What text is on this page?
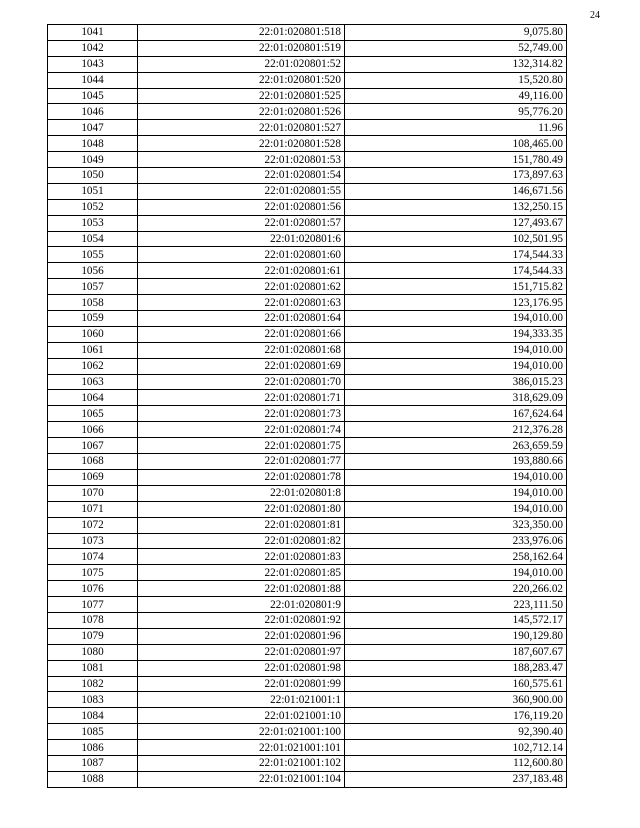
24
1041	22:01:020801:518	9,075.80
1042	22:01:020801:519	52,749.00
1043	22:01:020801:52	132,314.82
1044	22:01:020801:520	15,520.80
1045	22:01:020801:525	49,116.00
1046	22:01:020801:526	95,776.20
1047	22:01:020801:527	11.96
1048	22:01:020801:528	108,465.00
1049	22:01:020801:53	151,780.49
1050	22:01:020801:54	173,897.63
1051	22:01:020801:55	146,671.56
1052	22:01:020801:56	132,250.15
1053	22:01:020801:57	127,493.67
1054	22:01:020801:6	102,501.95
1055	22:01:020801:60	174,544.33
1056	22:01:020801:61	174,544.33
1057	22:01:020801:62	151,715.82
1058	22:01:020801:63	123,176.95
1059	22:01:020801:64	194,010.00
1060	22:01:020801:66	194,333.35
1061	22:01:020801:68	194,010.00
1062	22:01:020801:69	194,010.00
1063	22:01:020801:70	386,015.23
1064	22:01:020801:71	318,629.09
1065	22:01:020801:73	167,624.64
1066	22:01:020801:74	212,376.28
1067	22:01:020801:75	263,659.59
1068	22:01:020801:77	193,880.66
1069	22:01:020801:78	194,010.00
1070	22:01:020801:8	194,010.00
1071	22:01:020801:80	194,010.00
1072	22:01:020801:81	323,350.00
1073	22:01:020801:82	233,976.06
1074	22:01:020801:83	258,162.64
1075	22:01:020801:85	194,010.00
1076	22:01:020801:88	220,266.02
1077	22:01:020801:9	223,111.50
1078	22:01:020801:92	145,572.17
1079	22:01:020801:96	190,129.80
1080	22:01:020801:97	187,607.67
1081	22:01:020801:98	188,283.47
1082	22:01:020801:99	160,575.61
1083	22:01:021001:1	360,900.00
1084	22:01:021001:10	176,119.20
1085	22:01:021001:100	92,390.40
1086	22:01:021001:101	102,712.14
1087	22:01:021001:102	112,600.80
1088	22:01:021001:104	237,183.48
